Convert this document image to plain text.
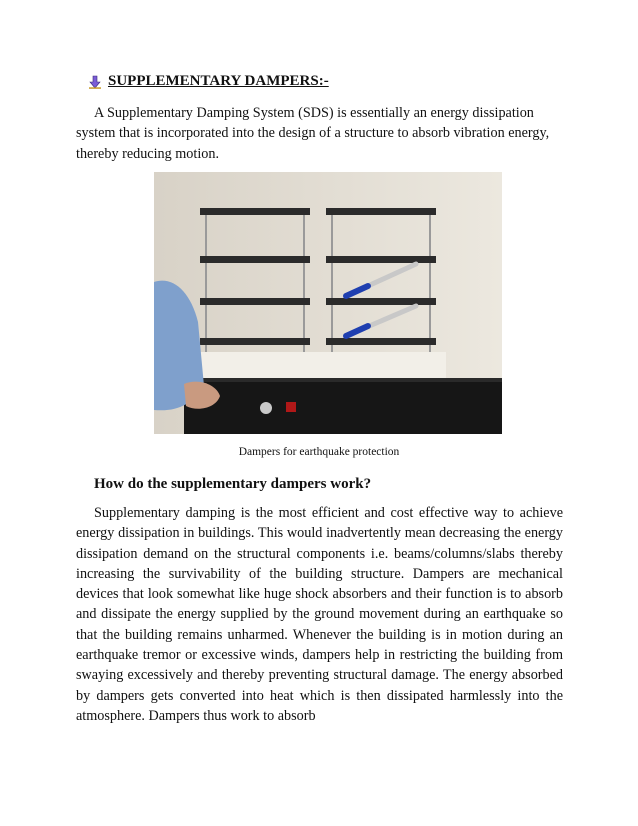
SUPPLEMENTARY DAMPERS:-
A Supplementary Damping System (SDS) is essentially an energy dissipation system that is incorporated into the design of a structure to absorb vibration energy, thereby reducing motion.
Dampers for earthquake protection
How do the supplementary dampers work?
Supplementary damping is the most efficient and cost effective way to achieve energy dissipation in buildings. This would inadvertently mean decreasing the energy dissipation demand on the structural components i.e. beams/columns/slabs thereby increasing the survivability of the building structure. Dampers are mechanical devices that look somewhat like huge shock absorbers and their function is to absorb and dissipate the energy supplied by the ground movement during an earthquake so that the building remains unharmed. Whenever the building is in motion during an earthquake tremor or excessive winds, dampers help in restricting the building from swaying excessively and thereby preventing structural damage. The energy absorbed by dampers gets converted into heat which is then dissipated harmlessly into the atmosphere. Dampers thus work to absorb
